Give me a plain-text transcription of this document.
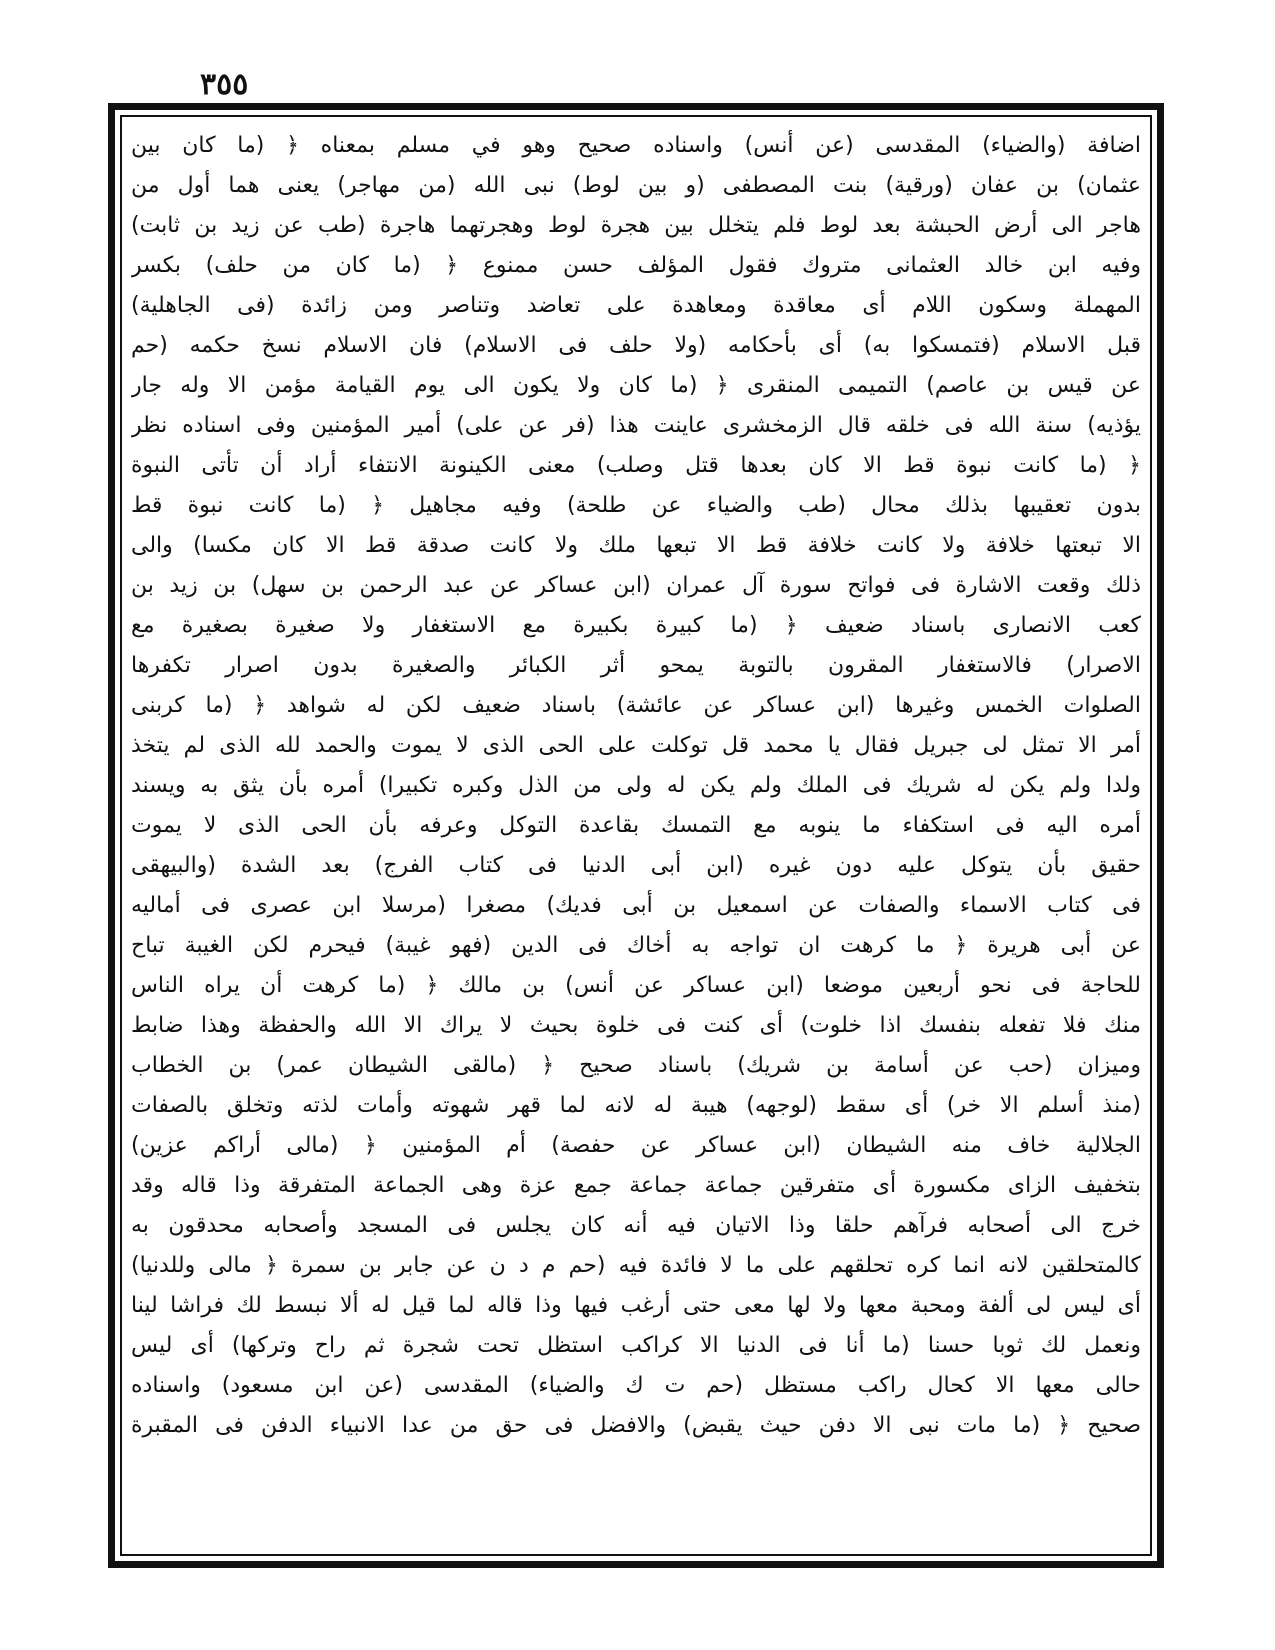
٣٥٥
اضافة (والضياء) المقدسى (عن أنس) واسناده صحيح وهو في مسلم بمعناه ﴿ (ما كان بين
عثمان) بن عفان (ورقية) بنت المصطفى (و بين لوط) نبى الله (من مهاجر) يعنى هما أول من
هاجر الى أرض الحبشة بعد لوط فلم يتخلل بين هجرة لوط وهجرتهما هاجرة (طب عن زيد بن ثابت)
وفيه ابن خالد العثمانى متروك فقول المؤلف حسن ممنوع ﴿ (ما كان من حلف) بكسر
المهملة وسكون اللام أى معاقدة ومعاهدة على تعاضد وتناصر ومن زائدة (فى الجاهلية)
قبل الاسلام (فتمسكوا به) أى بأحكامه (ولا حلف فى الاسلام) فان الاسلام نسخ حكمه (حم
عن قيس بن عاصم) التميمى المنقرى ﴿ (ما كان ولا يكون الى يوم القيامة مؤمن الا وله جار
يؤذيه) سنة الله فى خلقه قال الزمخشرى عاينت هذا (فر عن على) أمير المؤمنين وفى اسناده نظر
﴿ (ما كانت نبوة قط الا كان بعدها قتل وصلب) معنى الكينونة الانتفاء أراد أن تأتى النبوة
بدون تعقيبها بذلك محال (طب والضياء عن طلحة) وفيه مجاهيل ﴿ (ما كانت نبوة قط
الا تبعتها خلافة ولا كانت خلافة قط الا تبعها ملك ولا كانت صدقة قط الا كان مكسا) والى
ذلك وقعت الاشارة فى فواتح سورة آل عمران (ابن عساكر عن عبد الرحمن بن سهل) بن زيد بن
كعب الانصارى باسناد ضعيف ﴿ (ما كبيرة بكبيرة مع الاستغفار ولا صغيرة بصغيرة مع
الاصرار) فالاستغفار المقرون بالتوبة يمحو أثر الكبائر والصغيرة بدون اصرار تكفرها
الصلوات الخمس وغيرها (ابن عساكر عن عائشة) باسناد ضعيف لكن له شواهد ﴿ (ما كربنى
أمر الا تمثل لى جبريل فقال يا محمد قل توكلت على الحى الذى لا يموت والحمد لله الذى لم يتخذ
ولدا ولم يكن له شريك فى الملك ولم يكن له ولى من الذل وكبره تكبيرا) أمره بأن يثق به ويسند
أمره اليه فى استكفاء ما ينوبه مع التمسك بقاعدة التوكل وعرفه بأن الحى الذى لا يموت
حقيق بأن يتوكل عليه دون غيره (ابن أبى الدنيا فى كتاب الفرج) بعد الشدة (والبيهقى
فى كتاب الاسماء والصفات عن اسمعيل بن أبى فديك) مصغرا (مرسلا ابن عصرى فى أماليه
عن أبى هريرة ﴿ ما كرهت ان تواجه به أخاك فى الدين (فهو غيبة) فيحرم لكن الغيبة تباح
للحاجة فى نحو أربعين موضعا (ابن عساكر عن أنس) بن مالك ﴿ (ما كرهت أن يراه الناس
منك فلا تفعله بنفسك اذا خلوت) أى كنت فى خلوة بحيث لا يراك الا الله والحفظة وهذا ضابط
وميزان (حب عن أسامة بن شريك) باسناد صحيح ﴿ (مالقى الشيطان عمر) بن الخطاب
(منذ أسلم الا خر) أى سقط (لوجهه) هيبة له لانه لما قهر شهوته وأمات لذته وتخلق بالصفات
الجلالية خاف منه الشيطان (ابن عساكر عن حفصة) أم المؤمنين ﴿ (مالى أراكم عزين)
بتخفيف الزاى مكسورة أى متفرقين جماعة جماعة جمع عزة وهى الجماعة المتفرقة وذا قاله وقد
خرج الى أصحابه فرآهم حلقا وذا الاتيان فيه أنه كان يجلس فى المسجد وأصحابه محدقون به
كالمتحلقين لانه انما كره تحلقهم على ما لا فائدة فيه (حم م د ن عن جابر بن سمرة ﴿ مالى وللدنيا)
أى ليس لى ألفة ومحبة معها ولا لها معى حتى أرغب فيها وذا قاله لما قيل له ألا نبسط لك فراشا لينا
ونعمل لك ثوبا حسنا (ما أنا فى الدنيا الا كراكب استظل تحت شجرة ثم راح وتركها) أى ليس
حالى معها الا كحال راكب مستظل (حم ت ك والضياء) المقدسى (عن ابن مسعود) واسناده
صحيح ﴿ (ما مات نبى الا دفن حيث يقبض) والافضل فى حق من عدا الانبياء الدفن فى المقبرة
